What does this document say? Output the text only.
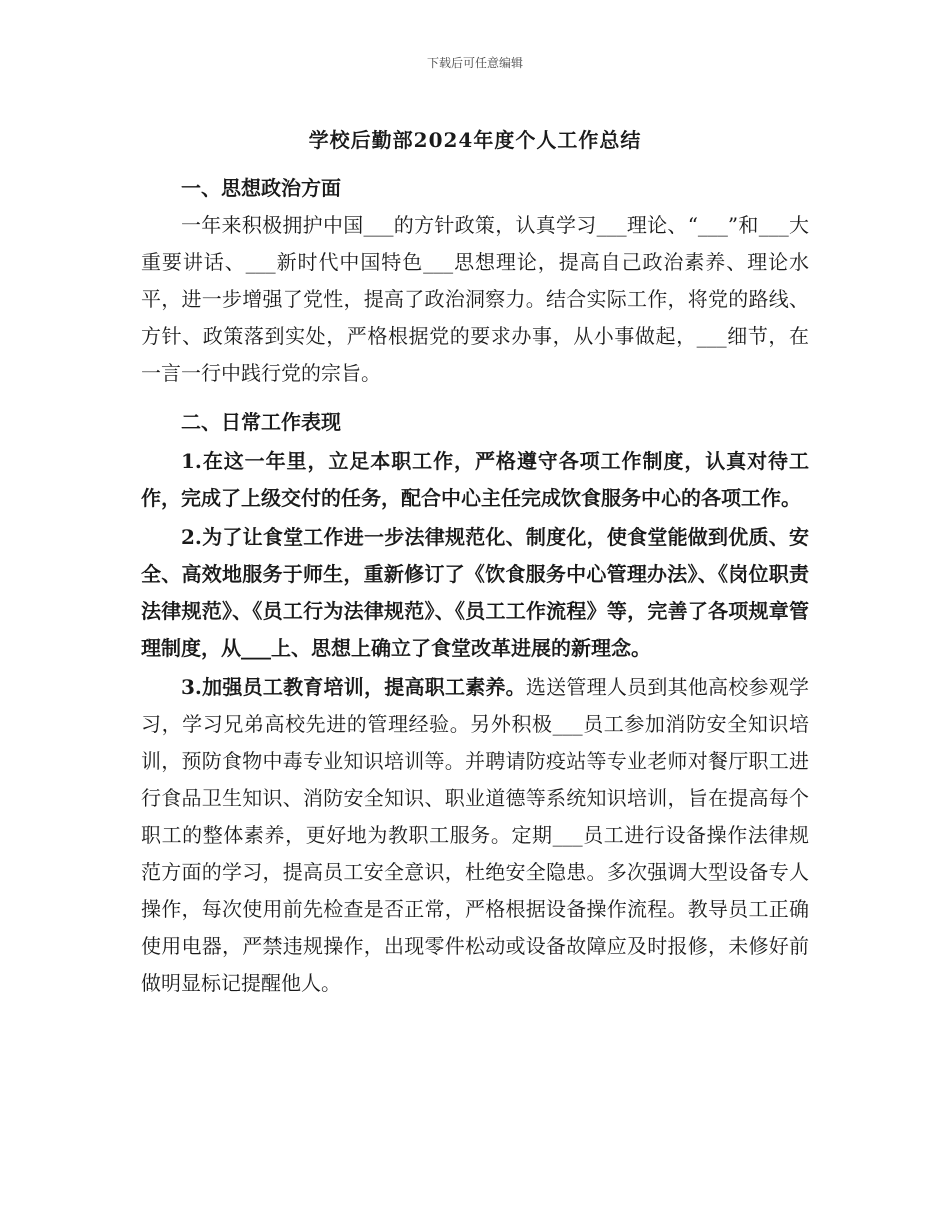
下载后可任意编辑
学校后勤部2024年度个人工作总结
一、思想政治方面

一年来积极拥护中国___的方针政策，认真学习___理论、“___”和___大重要讲话、___新时代中国特色___思想理论，提高自己政治素养、理论水平，进一步增强了党性，提高了政治洞察力。结合实际工作，将党的路线、方针、政策落到实处，严格根据党的要求办事，从小事做起，___细节，在一言一行中践行党的宗旨。

二、日常工作表现

1.在这一年里，立足本职工作，严格遵守各项工作制度，认真对待工作，完成了上级交付的任务，配合中心主任完成饮食服务中心的各项工作。

2.为了让食堂工作进一步法律规范化、制度化，使食堂能做到优质、安全、高效地服务于师生，重新修订了《饮食服务中心管理办法》、《岗位职责法律规范》、《员工行为法律规范》、《员工工作流程》等，完善了各项规章管理制度，从___上、思想上确立了食堂改革进展的新理念。

3.加强员工教育培训，提高职工素养。选送管理人员到其他高校参观学习，学习兄弟高校先进的管理经验。另外积极___员工参加消防安全知识培训，预防食物中毒专业知识培训等。并聘请防疫站等专业老师对餐厅职工进行食品卫生知识、消防安全知识、职业道德等系统知识培训，旨在提高每个职工的整体素养，更好地为教职工服务。定期___员工进行设备操作法律规范方面的学习，提高员工安全意识，杜绝安全隐患。多次强调大型设备专人操作，每次使用前先检查是否正常，严格根据设备操作流程。教导员工正确使用电器，严禁违规操作，出现零件松动或设备故障应及时报修，未修好前做明显标记提醒他人。
